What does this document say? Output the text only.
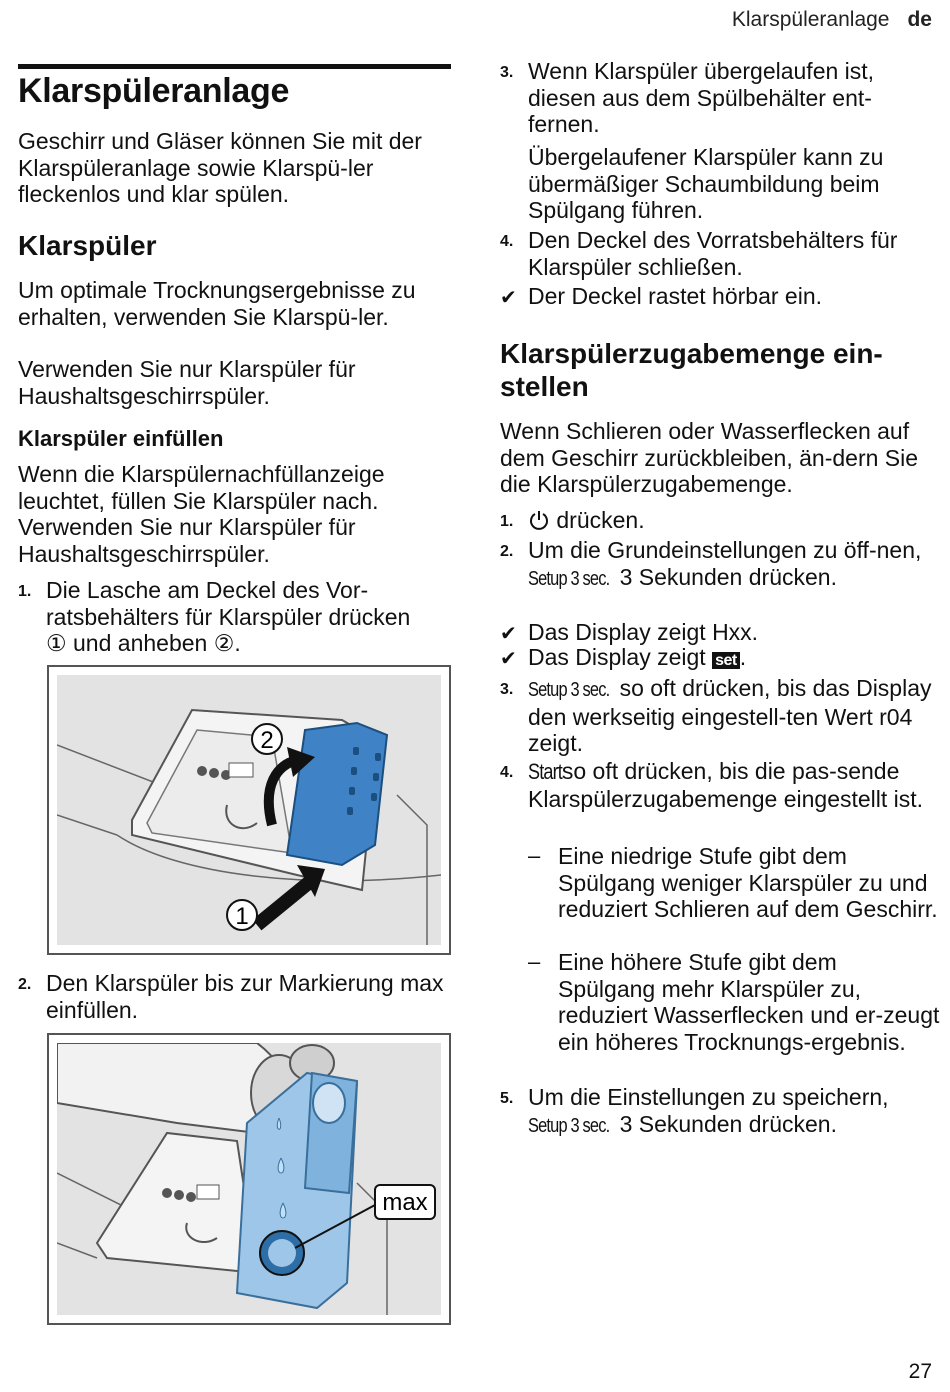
Klarspüleranlage de
Klarspüleranlage

Geschirr und Gläser können Sie mit der Klarspüleranlage sowie Klarspü-ler fleckenlos und klar spülen.

Klarspüler

Um optimale Trocknungsergebnisse zu erhalten, verwenden Sie Klarspü-ler.

Verwenden Sie nur Klarspüler für Haushaltsgeschirrspüler.

Klarspüler einfüllen

Wenn die Klarspülernachfüllanzeige leuchtet, füllen Sie Klarspüler nach.

Verwenden Sie nur Klarspüler für Haushaltsgeschirrspüler.

1. Die Lasche am Deckel des Vor-ratsbehälters für Klarspüler drücken ① und anheben ②.
2
1
2. Den Klarspüler bis zur Markierung max einfüllen.
max
3. Wenn Klarspüler übergelaufen ist, diesen aus dem Spülbehälter ent-fernen.

Übergelaufener Klarspüler kann zu übermäßiger Schaumbildung beim Spülgang führen.

4. Den Deckel des Vorratsbehälters für Klarspüler schließen.
✔ Der Deckel rastet hörbar ein.
Klarspülerzugabemenge ein-stellen

Wenn Schlieren oder Wasserflecken auf dem Geschirr zurückbleiben, än-dern Sie die Klarspülerzugabemenge.

1.	drücken.
2. Um die Grundeinstellungen zu öff-nen, Setup 3 sec. 3 Sekunden drücken.
✔ Das Display zeigt Hxx.
✔ Das Display zeigt set .
3. Setup 3 sec. so oft drücken, bis das Display den werkseitig eingestell-ten Wert r04 zeigt.
4. Start so oft drücken, bis die pas-sende Klarspülerzugabemenge eingestellt ist.
– Eine niedrige Stufe gibt dem Spülgang weniger Klarspüler zu und reduziert Schlieren auf dem Geschirr.
– Eine höhere Stufe gibt dem Spülgang mehr Klarspüler zu, reduziert Wasserflecken und er-zeugt ein höheres Trocknungs-ergebnis.
5. Um die Einstellungen zu speichern, Setup 3 sec. 3 Sekunden drücken.
27
